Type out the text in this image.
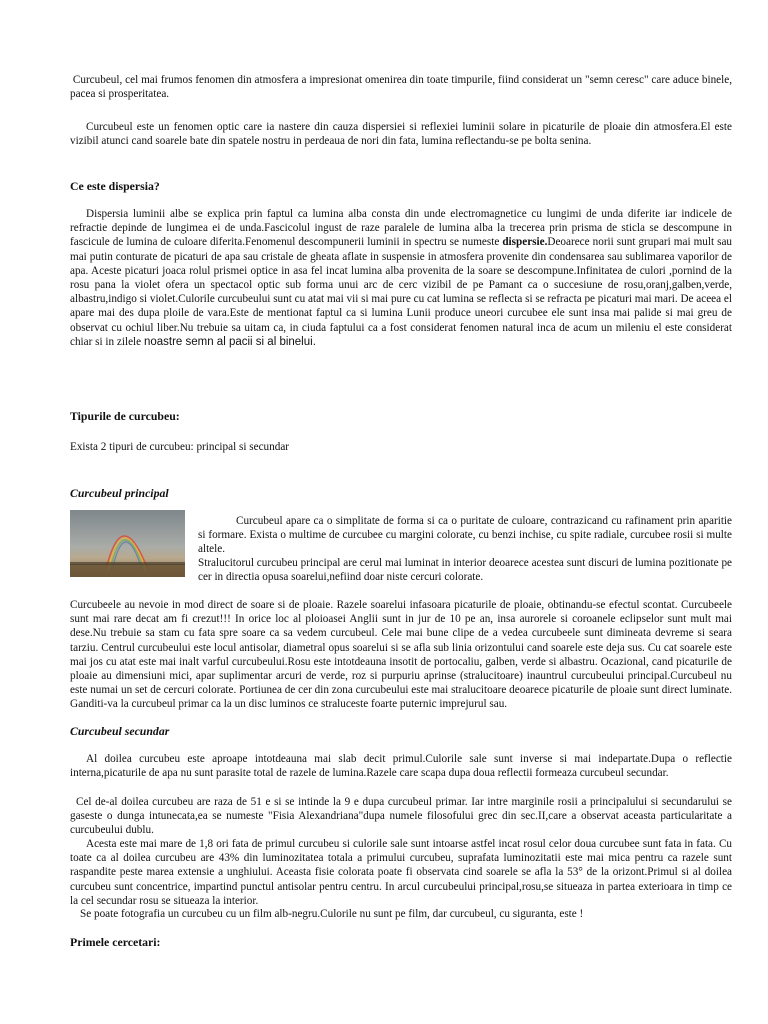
Curcubeul, cel mai frumos fenomen din atmosfera a impresionat omenirea din toate timpurile, fiind considerat un "semn ceresc" care aduce binele, pacea si prosperitatea.

Curcubeul este un fenomen optic care ia nastere din cauza dispersiei si reflexiei luminii solare in picaturile de ploaie din atmosfera.El este vizibil atunci cand soarele bate din spatele nostru in perdeaua de nori din fata, lumina reflectandu-se pe bolta senina.

Ce este dispersia?

Dispersia luminii albe se explica prin faptul ca lumina alba consta din unde electromagnetice cu lungimi de unda diferite iar indicele de refractie depinde de lungimea ei de unda.Fascicolul ingust de raze paralele de lumina alba la trecerea prin prisma de sticla se descompune in fascicule de lumina de culoare diferita.Fenomenul descompunerii luminii in spectru se numeste dispersie.Deoarece norii sunt grupari mai mult sau mai putin conturate de picaturi de apa sau cristale de gheata aflate in suspensie in atmosfera provenite din condensarea sau sublimarea vaporilor de apa. Aceste picaturi joaca rolul prismei optice in asa fel incat lumina alba provenita de la soare se descompune.Infinitatea de culori ,pornind de la rosu pana la violet ofera un spectacol optic sub forma unui arc de cerc vizibil de pe Pamant ca o succesiune de rosu,oranj,galben,verde, albastru,indigo si violet.Culorile curcubeului sunt cu atat mai vii si mai pure cu cat lumina se reflecta si se refracta pe picaturi mai mari. De aceea el apare mai des dupa ploile de vara.Este de mentionat faptul ca si lumina Lunii produce uneori curcubee ele sunt insa mai palide si mai greu de observat cu ochiul liber.Nu trebuie sa uitam ca, in ciuda faptului ca a fost considerat fenomen natural inca de acum un mileniu el este considerat chiar si in zilele noastre semn al pacii si al binelui.

Tipurile de curcubeu:

Exista 2 tipuri de curcubeu: principal si secundar

Curcubeul principal

Curcubeul apare ca o simplitate de forma si ca o puritate de culoare, contrazicand cu rafinament prin aparitie si formare. Exista o multime de curcubee cu margini colorate, cu benzi inchise, cu spite radiale, curcubee rosii si multe altele.

Stralucitorul curcubeu principal are cerul mai luminat in interior deoarece acestea sunt discuri de lumina pozitionate pe cer in directia opusa soarelui,nefiind doar niste cercuri colorate.

Curcubeele au nevoie in mod direct de soare si de ploaie. Razele soarelui infasoara picaturile de ploaie, obtinandu-se efectul scontat. Curcubeele sunt mai rare decat am fi crezut!!! In orice loc al ploioasei Anglii sunt in jur de 10 pe an, insa aurorele si coroanele eclipselor sunt mult mai dese.Nu trebuie sa stam cu fata spre soare ca sa vedem curcubeul. Cele mai bune clipe de a vedea curcubeele sunt dimineata devreme si seara tarziu. Centrul curcubeului este locul antisolar, diametral opus soarelui si se afla sub linia orizontului cand soarele este deja sus. Cu cat soarele este mai jos cu atat este mai inalt varful curcubeului.Rosu este intotdeauna insotit de portocaliu, galben, verde si albastru. Ocazional, cand picaturile de ploaie au dimensiuni mici, apar suplimentar arcuri de verde, roz si purpuriu aprinse (stralucitoare) inauntrul curcubeului principal.Curcubeul nu este numai un set de cercuri colorate. Portiunea de cer din zona curcubeului este mai stralucitoare deoarece picaturile de ploaie sunt direct luminate. Ganditi-va la curcubeul primar ca la un disc luminos ce straluceste foarte puternic imprejurul sau.

Curcubeul secundar

Al doilea curcubeu este aproape intotdeauna mai slab decit primul.Culorile sale sunt inverse si mai indepartate.Dupa o reflectie interna,picaturile de apa nu sunt parasite total de razele de lumina.Razele care scapa dupa doua reflectii formeaza curcubeul secundar.

Cel de-al doilea curcubeu are raza de 51 e si se intinde la 9 e dupa curcubeul primar. Iar intre marginile rosii a principalului si secundarului se gaseste o dunga intunecata,ea se numeste "Fisia Alexandriana"dupa numele filosofului grec din sec.II,care a observat aceasta particularitate a curcubeului dublu.

Acesta este mai mare de 1,8 ori fata de primul curcubeu si culorile sale sunt intoarse astfel incat rosul celor doua curcubee sunt fata in fata. Cu toate ca al doilea curcubeu are 43% din luminozitatea totala a primului curcubeu, suprafata luminozitatii este mai mica pentru ca razele sunt raspandite peste marea extensie a unghiului. Aceasta fisie colorata poate fi observata cind soarele se afla la 53° de la orizont.Primul si al doilea curcubeu sunt concentrice, impartind punctul antisolar pentru centru. In arcul curcubeului principal,rosu,se situeaza in partea exterioara in timp ce la cel secundar rosu se situeaza la interior.

Se poate fotografia un curcubeu cu un film alb-negru.Culorile nu sunt pe film, dar curcubeul, cu siguranta, este !

Primele cercetari:
